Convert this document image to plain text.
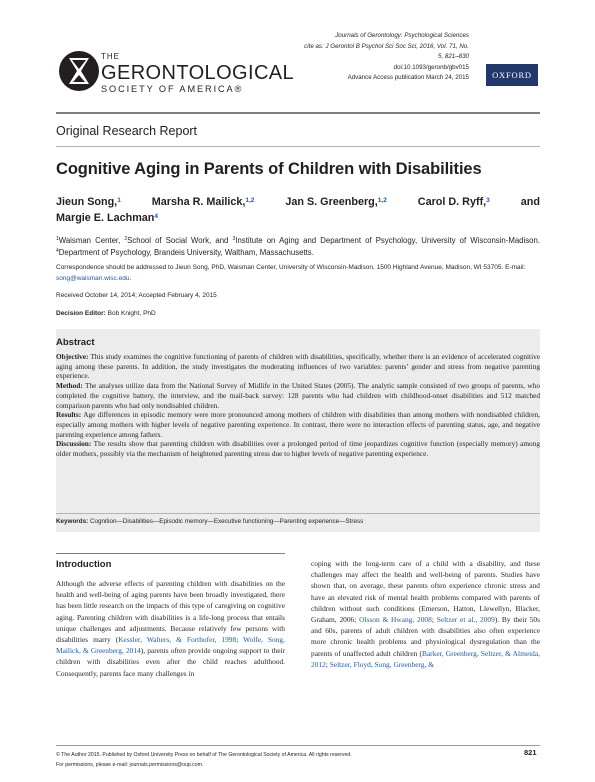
THE
GERONTOLOGICAL
SOCIETY OF AMERICA®
Journals of Gerontology: Psychological Sciences
cite as: J Gerontol B Psychol Sci Soc Sci, 2016, Vol. 71, No. 5, 821–830
doi:10.1093/geronb/gbv015
Advance Access publication March 24, 2015	OXFORD
Original Research Report
Cognitive Aging in Parents of Children with Disabilities
Jieun Song,$^1$	Marsha R. Mailick,$^{1,2}$	Jan S. Greenberg,$^{1,2}$	Carol D. Ryff,$^3$	and
Margie E. Lachman$^4$
$^1$Waisman Center, $^2$School of Social Work, and $^3$Institute on Aging and Department of Psychology, University of Wisconsin-Madison. $^4$Department of Psychology, Brandeis University, Waltham, Massachusetts.
Correspondence should be addressed to Jieun Song, PhD, Waisman Center, University of Wisconsin-Madison, 1500 Highland Avenue, Madison, WI 53705. E-mail: song@waisman.wisc.edu.
Received October 14, 2014; Accepted February 4, 2015
Decision Editor: Bob Knight, PhD
Abstract

Objective: This study examines the cognitive functioning of parents of children with disabilities, specifically, whether there is an evidence of accelerated cognitive aging among these parents. In addition, the study investigates the moderating influences of two variables: parents’ gender and stress from negative parenting experience.

Method: The analyses utilize data from the National Survey of Midlife in the United States (2005). The analytic sample consisted of two groups of parents, who completed the cognitive battery, the interview, and the mail-back survey: 128 parents who had children with childhood-onset disabilities and 512 matched comparison parents who had only nondisabled children.

Results: Age differences in episodic memory were more pronounced among mothers of children with disabilities than among mothers with nondisabled children, especially among mothers with higher levels of negative parenting experience. In contrast, there were no interaction effects of parenting status, age, and negative parenting experience among fathers.

Discussion: The results show that parenting children with disabilities over a prolonged period of time jeopardizes cognitive function (especially memory) among older mothers, possibly via the mechanism of heightened parenting stress due to higher levels of negative parenting experience.

Keywords: Cognition—Disabilities—Episodic memory—Executive functioning—Parenting experience—Stress
Introduction
Although the adverse effects of parenting children with disabilities on the health and well-being of aging parents have been broadly investigated, there has been little research on the impacts of this type of caregiving on cognitive aging. Parenting children with disabilities is a life-long process that entails unique challenges and adjustments. Because relatively few persons with disabilities marry (Kessler, Walters, & Forthofer, 1998; Wolfe, Song, Mailick, & Greenberg, 2014), parents often provide ongoing support to their children with disabilities even after the child reaches adulthood. Consequently, parents face many challenges in
coping with the long-term care of a child with a disability, and these challenges may affect the health and well-being of parents. Studies have shown that, on average, these parents often experience chronic stress and have an elevated risk of mental health problems compared with parents of children without such conditions (Emerson, Hatton, Llewellyn, Blacker, Graham, 2006; Olsson & Hwang, 2008; Seltzer et al., 2009). By their 50s and 60s, parents of adult children with disabilities also often experience more chronic health problems and physiological dysregulation than the parents of unaffected adult children (Barker, Greenberg, Seltzer, & Almeida, 2012; Seltzer, Floyd, Song, Greenberg, &
© The Author 2015. Published by Oxford University Press on behalf of The Gerontological Society of America. All rights reserved.
For permissions, please e-mail: journals.permissions@oup.com.
821
